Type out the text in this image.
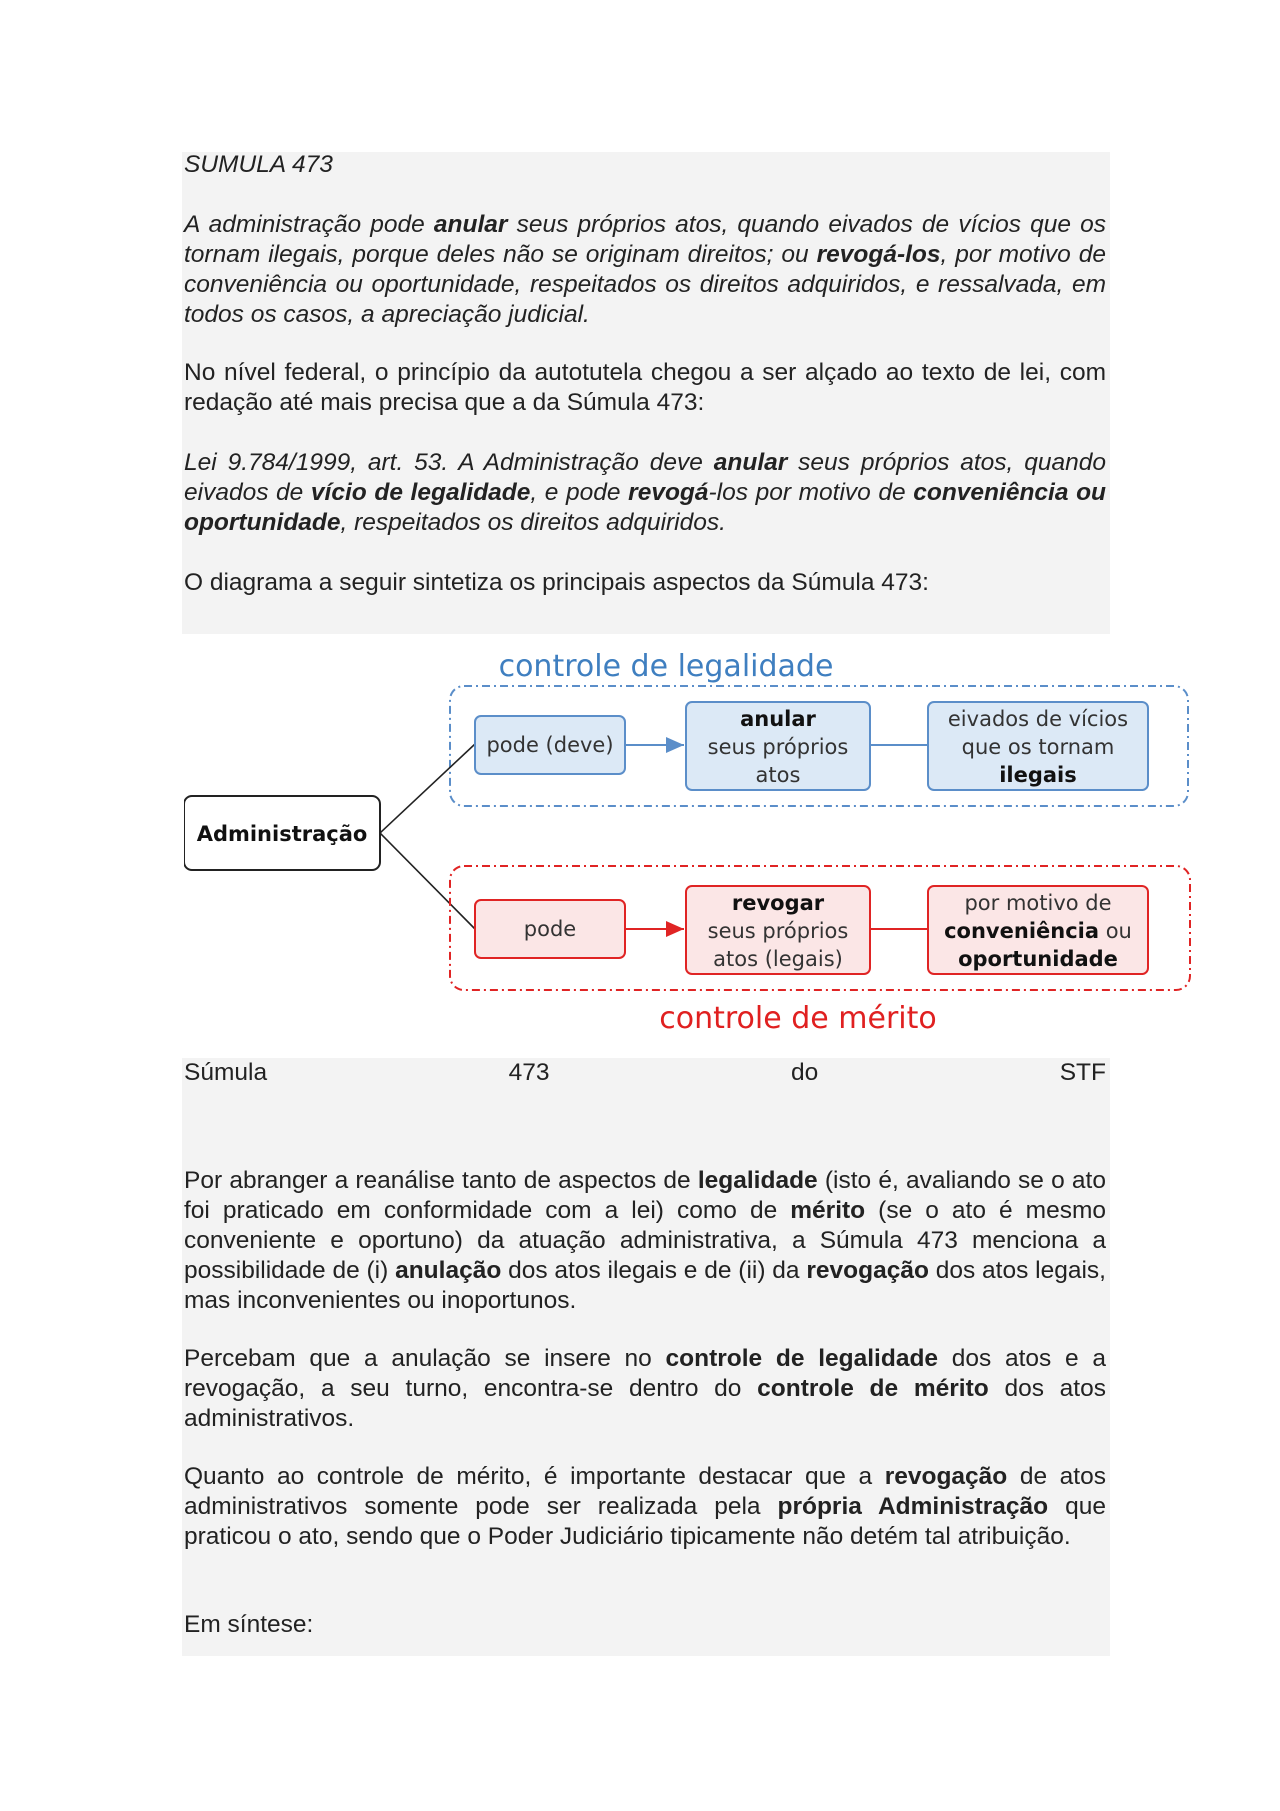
SUMULA 473

A administração pode anular seus próprios atos, quando eivados de vícios que os tornam ilegais, porque deles não se originam direitos; ou revogá-los, por motivo de conveniência ou oportunidade, respeitados os direitos adquiridos, e ressalvada, em todos os casos, a apreciação judicial.

No nível federal, o princípio da autotutela chegou a ser alçado ao texto de lei, com redação até mais precisa que a da Súmula 473:

Lei 9.784/1999, art. 53. A Administração deve anular seus próprios atos, quando eivados de vício de legalidade, e pode revogá-los por motivo de conveniência ou oportunidade, respeitados os direitos adquiridos.

O diagrama a seguir sintetiza os principais aspectos da Súmula 473:

controle de legalidade
Administração
pode (deve)
anular
seus próprios
atos
eivados de vícios
que os tornam
ilegais
pode
revogar
seus próprios
atos (legais)
por motivo de
conveniência ou
oportunidade
controle de mérito
Súmula	473	do	STF

Por abranger a reanálise tanto de aspectos de legalidade (isto é, avaliando se o ato foi praticado em conformidade com a lei) como de mérito (se o ato é mesmo conveniente e oportuno) da atuação administrativa, a Súmula 473 menciona a possibilidade de (i) anulação dos atos ilegais e de (ii) da revogação dos atos legais, mas inconvenientes ou inoportunos.

Percebam que a anulação se insere no controle de legalidade dos atos e a revogação, a seu turno, encontra-se dentro do controle de mérito dos atos administrativos.

Quanto ao controle de mérito, é importante destacar que a revogação de atos administrativos somente pode ser realizada pela própria Administração que praticou o ato, sendo que o Poder Judiciário tipicamente não detém tal atribuição.

Em síntese:
